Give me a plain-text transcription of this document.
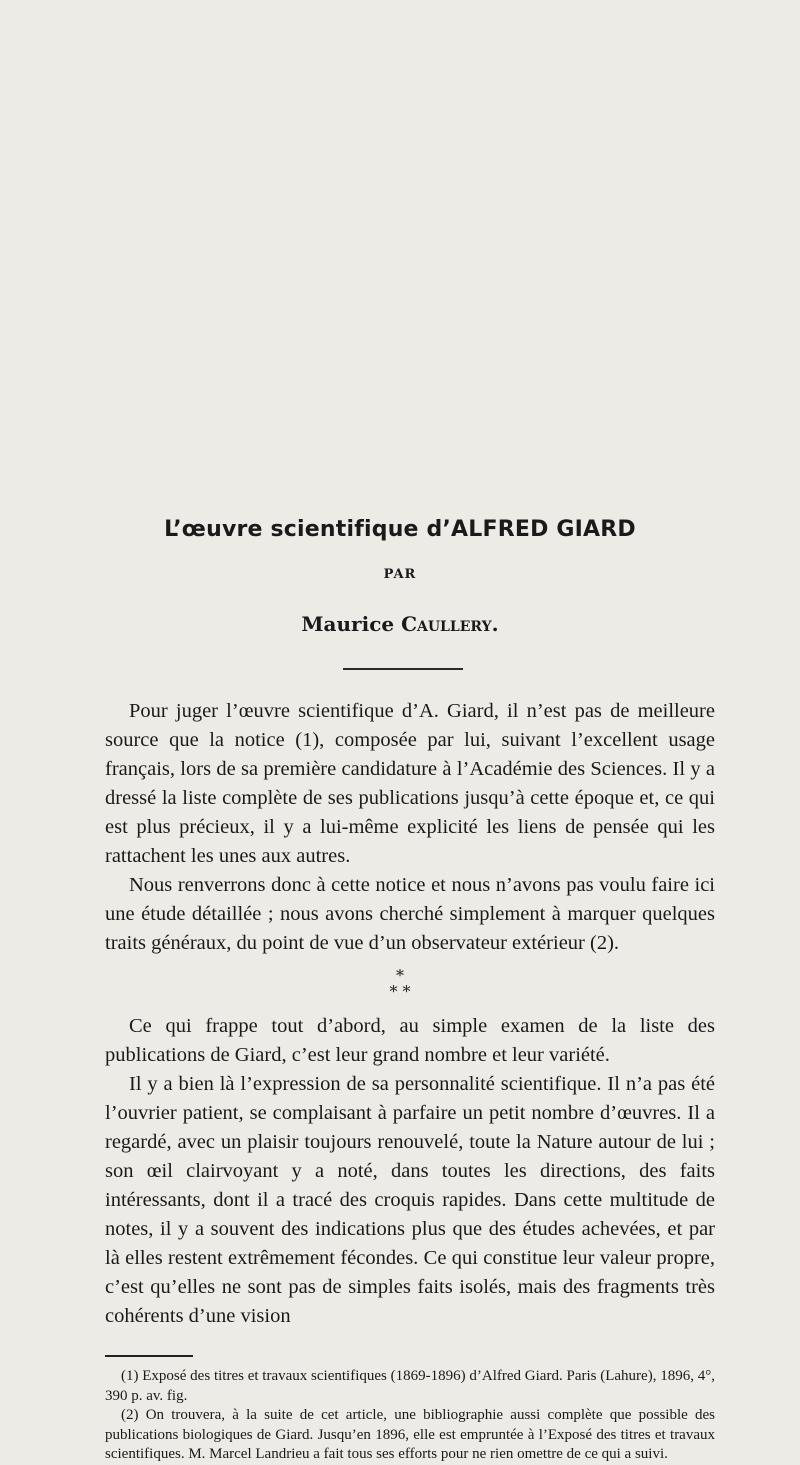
L’œuvre scientifique d’ALFRED GIARD
PAR
Maurice Caullery.

Pour juger l’œuvre scientifique d’A. Giard, il n’est pas de meilleure source que la notice (1), composée par lui, suivant l’excellent usage français, lors de sa première candidature à l’Académie des Sciences. Il y a dressé la liste complète de ses publications jusqu’à cette époque et, ce qui est plus précieux, il y a lui-même explicité les liens de pensée qui les rattachent les unes aux autres.

Nous renverrons donc à cette notice et nous n’avons pas voulu faire ici une étude détaillée ; nous avons cherché simplement à marquer quelques traits généraux, du point de vue d’un observateur extérieur (2).

*
* *

Ce qui frappe tout d’abord, au simple examen de la liste des publications de Giard, c’est leur grand nombre et leur variété.

Il y a bien là l’expression de sa personnalité scientifique. Il n’a pas été l’ouvrier patient, se complaisant à parfaire un petit nombre d’œuvres. Il a regardé, avec un plaisir toujours renouvelé, toute la Nature autour de lui ; son œil clairvoyant y a noté, dans toutes les directions, des faits intéressants, dont il a tracé des croquis rapides. Dans cette multitude de notes, il y a souvent des indications plus que des études achevées, et par là elles restent extrêmement fécondes. Ce qui constitue leur valeur propre, c’est qu’elles ne sont pas de simples faits isolés, mais des fragments très cohérents d’une vision

(1) Exposé des titres et travaux scientifiques (1869-1896) d’Alfred Giard. Paris (Lahure), 1896, 4°, 390 p. av. fig.

(2) On trouvera, à la suite de cet article, une bibliographie aussi complète que possible des publications biologiques de Giard. Jusqu’en 1896, elle est empruntée à l’Exposé des titres et travaux scientifiques. M. Marcel Landrieu a fait tous ses efforts pour ne rien omettre de ce qui a suivi.
